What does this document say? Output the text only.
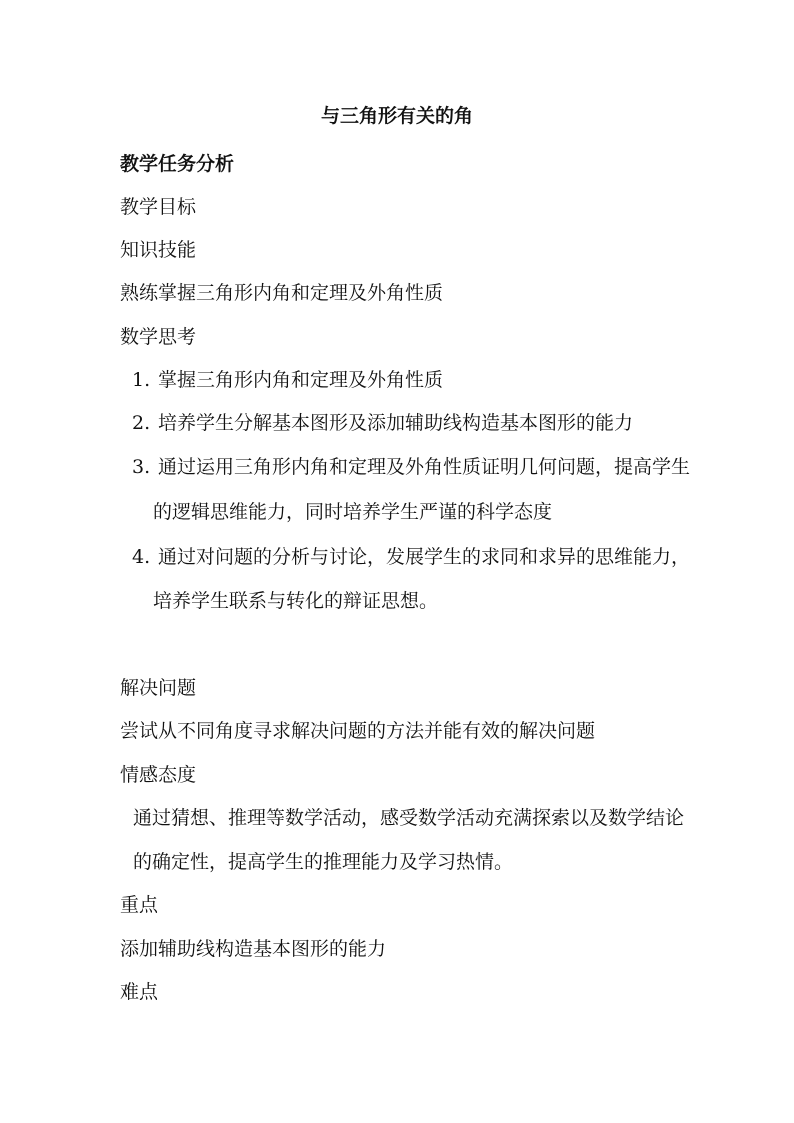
与三角形有关的角
教学任务分析
教学目标
知识技能
熟练掌握三角形内角和定理及外角性质
数学思考
1. 掌握三角形内角和定理及外角性质
2. 培养学生分解基本图形及添加辅助线构造基本图形的能力
3. 通过运用三角形内角和定理及外角性质证明几何问题，提高学生
的逻辑思维能力，同时培养学生严谨的科学态度
4. 通过对问题的分析与讨论，发展学生的求同和求异的思维能力，
培养学生联系与转化的辩证思想。
解决问题
尝试从不同角度寻求解决问题的方法并能有效的解决问题
情感态度
通过猜想、推理等数学活动，感受数学活动充满探索以及数学结论
的确定性，提高学生的推理能力及学习热情。
重点
添加辅助线构造基本图形的能力
难点
